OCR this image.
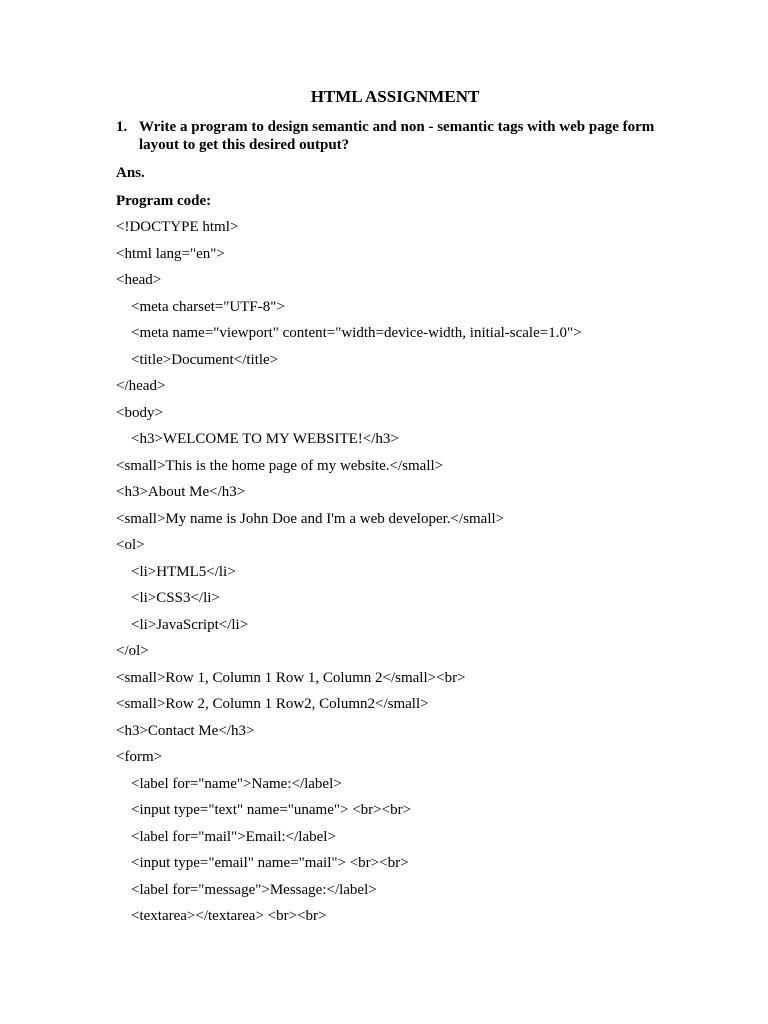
HTML ASSIGNMENT
1. Write a program to design semantic and non - semantic tags with web page form layout to get this desired output?
Ans.
Program code:
<!DOCTYPE html>
<html lang="en">
<head>
<meta charset="UTF-8">
<meta name="viewport" content="width=device-width, initial-scale=1.0">
<title>Document</title>
</head>
<body>
<h3>WELCOME TO MY WEBSITE!</h3>
<small>This is the home page of my website.</small>
<h3>About Me</h3>
<small>My name is John Doe and I'm a web developer.</small>
<ol>
<li>HTML5</li>
<li>CSS3</li>
<li>JavaScript</li>
</ol>
<small>Row 1, Column 1 Row 1, Column 2</small><br>
<small>Row 2, Column 1 Row2, Column2</small>
<h3>Contact Me</h3>
<form>
<label for="name">Name:</label>
<input type="text" name="uname"> <br><br>
<label for="mail">Email:</label>
<input type="email" name="mail"> <br><br>
<label for="message">Message:</label>
<textarea></textarea> <br><br>
